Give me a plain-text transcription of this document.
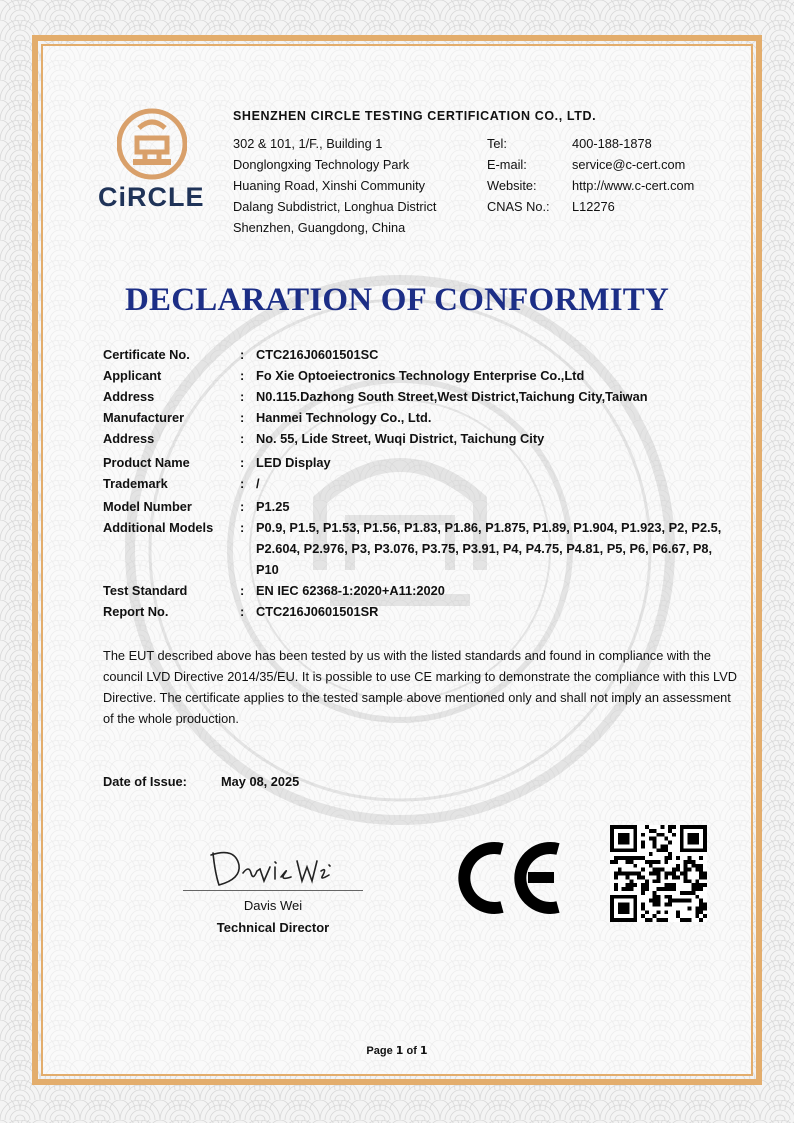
CiRCLE
SHENZHEN CIRCLE TESTING CERTIFICATION CO., LTD.
302 & 101, 1/F., Building 1
Donglongxing Technology Park
Huaning Road, Xinshi Community
Dalang Subdistrict, Longhua District
Shenzhen, Guangdong, China
Tel:	400-188-1878
E-mail:	service@c-cert.com
Website:	http://www.c-cert.com
CNAS No.: L12276
DECLARATION OF CONFORMITY
Certificate No.	: CTC216J0601501SC
Applicant	: Fo Xie Optoeiectronics Technology Enterprise Co.,Ltd
Address	: N0.115.Dazhong South Street,West District,Taichung City,Taiwan
Manufacturer	: Hanmei Technology Co., Ltd.
Address	: No. 55, Lide Street, Wuqi District, Taichung City
Product Name	: LED Display
Trademark	: /
Model Number	: P1.25
Additional Models : P0.9, P1.5, P1.53, P1.56, P1.83, P1.86, P1.875, P1.89, P1.904, P1.923, P2, P2.5, P2.604, P2.976, P3, P3.076, P3.75, P3.91, P4, P4.75, P4.81, P5, P6, P6.67, P8, P10
Test Standard	: EN IEC 62368-1:2020+A11:2020
Report No.	: CTC216J0601501SR
The EUT described above has been tested by us with the listed standards and found in compliance with the council LVD Directive 2014/35/EU. It is possible to use CE marking to demonstrate the compliance with this LVD Directive. The certificate applies to the tested sample above mentioned only and shall not imply an assessment of the whole production.
Date of Issue:	May 08, 2025
Davis Wei
Technical Director
Page 1 of 1
